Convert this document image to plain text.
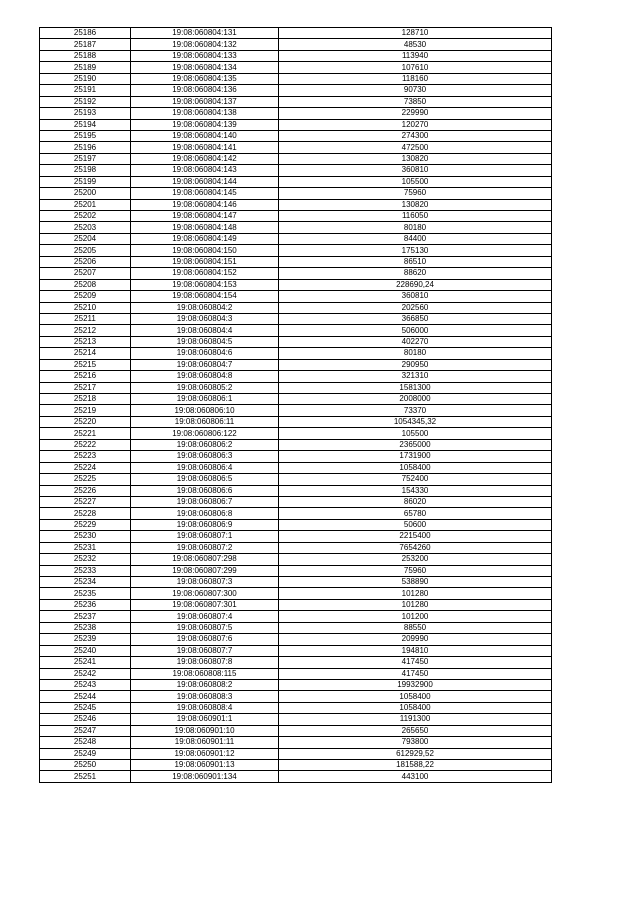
25186	19:08:060804:131	128710
25187	19:08:060804:132	48530
25188	19:08:060804:133	113940
25189	19:08:060804:134	107610
25190	19:08:060804:135	118160
25191	19:08:060804:136	90730
25192	19:08:060804:137	73850
25193	19:08:060804:138	229990
25194	19:08:060804:139	120270
25195	19:08:060804:140	274300
25196	19:08:060804:141	472500
25197	19:08:060804:142	130820
25198	19:08:060804:143	360810
25199	19:08:060804:144	105500
25200	19:08:060804:145	75960
25201	19:08:060804:146	130820
25202	19:08:060804:147	116050
25203	19:08:060804:148	80180
25204	19:08:060804:149	84400
25205	19:08:060804:150	175130
25206	19:08:060804:151	86510
25207	19:08:060804:152	88620
25208	19:08:060804:153	228690,24
25209	19:08:060804:154	360810
25210	19:08:060804:2	202560
25211	19:08:060804:3	366850
25212	19:08:060804:4	506000
25213	19:08:060804:5	402270
25214	19:08:060804:6	80180
25215	19:08:060804:7	290950
25216	19:08:060804:8	321310
25217	19:08:060805:2	1581300
25218	19:08:060806:1	2008000
25219	19:08:060806:10	73370
25220	19:08:060806:11	1054345,32
25221	19:08:060806:122	105500
25222	19:08:060806:2	2365000
25223	19:08:060806:3	1731900
25224	19:08:060806:4	1058400
25225	19:08:060806:5	752400
25226	19:08:060806:6	154330
25227	19:08:060806:7	86020
25228	19:08:060806:8	65780
25229	19:08:060806:9	50600
25230	19:08:060807:1	2215400
25231	19:08:060807:2	7654260
25232	19:08:060807:298	253200
25233	19:08:060807:299	75960
25234	19:08:060807:3	538890
25235	19:08:060807:300	101280
25236	19:08:060807:301	101280
25237	19:08:060807:4	101200
25238	19:08:060807:5	88550
25239	19:08:060807:6	209990
25240	19:08:060807:7	194810
25241	19:08:060807:8	417450
25242	19:08:060808:115	417450
25243	19:08:060808:2	19932900
25244	19:08:060808:3	1058400
25245	19:08:060808:4	1058400
25246	19:08:060901:1	1191300
25247	19:08:060901:10	265650
25248	19:08:060901:11	793800
25249	19:08:060901:12	612929,52
25250	19:08:060901:13	181588,22
25251	19:08:060901:134	443100
